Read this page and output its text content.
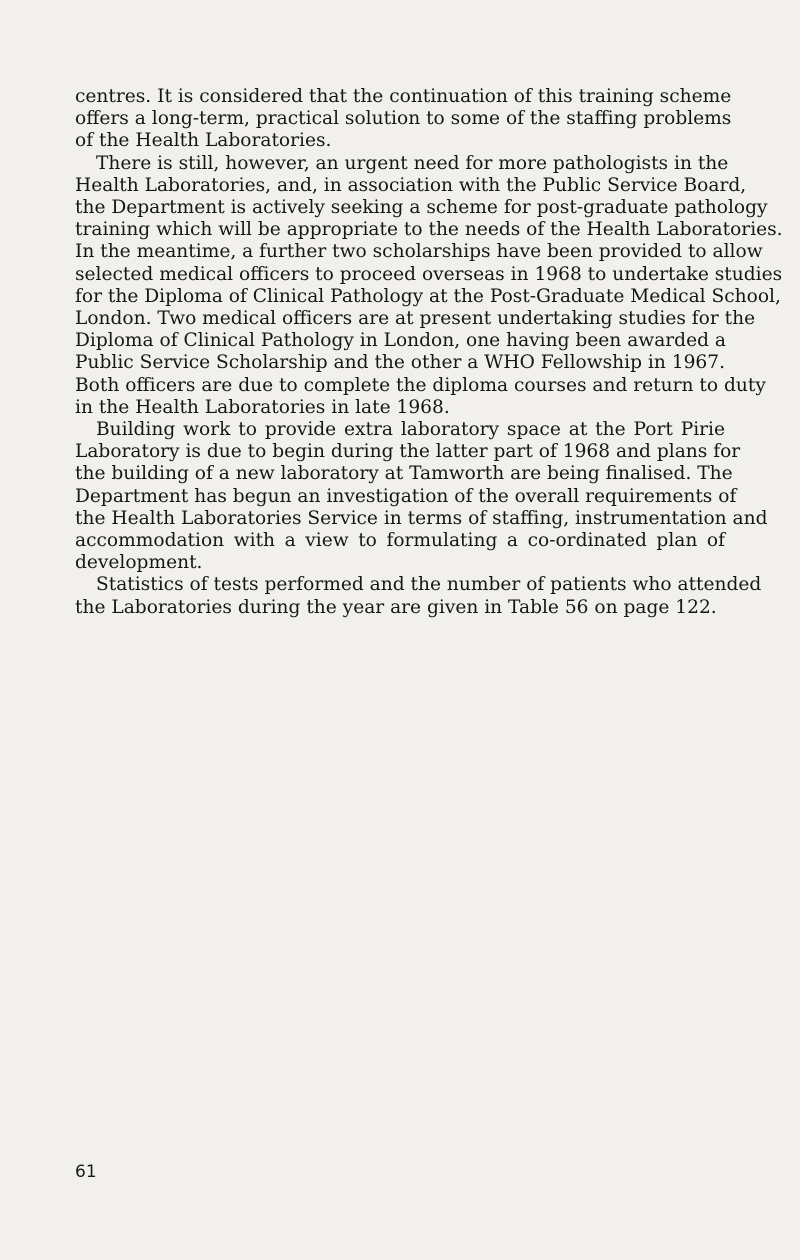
centres. It is considered that the continuation of this training scheme
offers a long-term, practical solution to some of the staffing problems
of the Health Laboratories.

There is still, however, an urgent need for more pathologists in the
Health Laboratories, and, in association with the Public Service Board,
the Department is actively seeking a scheme for post-graduate pathology
training which will be appropriate to the needs of the Health Laboratories.
In the meantime, a further two scholarships have been provided to allow
selected medical officers to proceed overseas in 1968 to undertake studies
for the Diploma of Clinical Pathology at the Post-Graduate Medical School,
London. Two medical officers are at present undertaking studies for the
Diploma of Clinical Pathology in London, one having been awarded a
Public Service Scholarship and the other a WHO Fellowship in 1967.
Both officers are due to complete the diploma courses and return to duty
in the Health Laboratories in late 1968.

Building work to provide extra laboratory space at the Port Pirie
Laboratory is due to begin during the latter part of 1968 and plans for
the building of a new laboratory at Tamworth are being finalised. The
Department has begun an investigation of the overall requirements of
the Health Laboratories Service in terms of staffing, instrumentation and
accommodation with a view to formulating a co-ordinated plan of
development.

Statistics of tests performed and the number of patients who attended
the Laboratories during the year are given in Table 56 on page 122.

61
